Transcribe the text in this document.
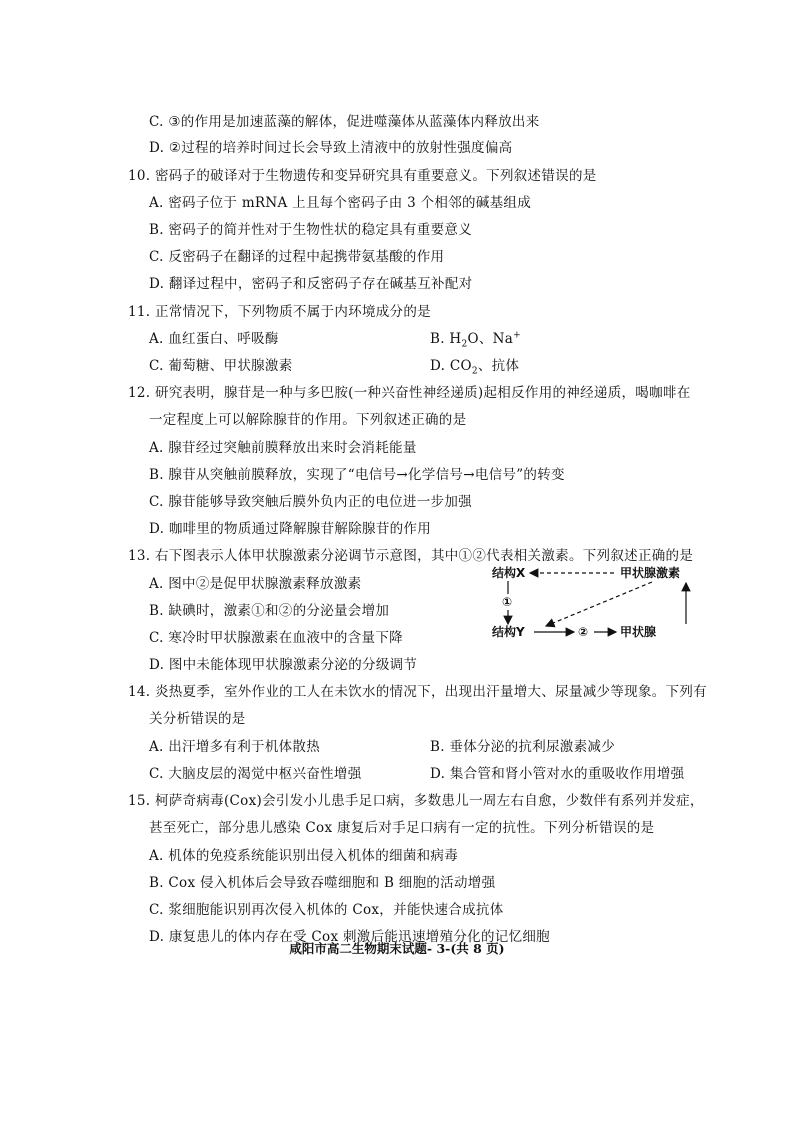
C. ③的作用是加速蓝藻的解体，促进噬藻体从蓝藻体内释放出来
D. ②过程的培养时间过长会导致上清液中的放射性强度偏高
10. 密码子的破译对于生物遗传和变异研究具有重要意义。下列叙述错误的是
A. 密码子位于 mRNA 上且每个密码子由 3 个相邻的碱基组成
B. 密码子的简并性对于生物性状的稳定具有重要意义
C. 反密码子在翻译的过程中起携带氨基酸的作用
D. 翻译过程中，密码子和反密码子存在碱基互补配对
11. 正常情况下，下列物质不属于内环境成分的是
A. 血红蛋白、呼吸酶	B. $H_2O$、Na+
C. 葡萄糖、甲状腺激素	D. $CO_2$、抗体
12. 研究表明，腺苷是一种与多巴胺(一种兴奋性神经递质)起相反作用的神经递质，喝咖啡在
一定程度上可以解除腺苷的作用。下列叙述正确的是
A. 腺苷经过突触前膜释放出来时会消耗能量
B. 腺苷从突触前膜释放，实现了“电信号→化学信号→电信号”的转变
C. 腺苷能够导致突触后膜外负内正的电位进一步加强
D. 咖啡里的物质通过降解腺苷解除腺苷的作用
13. 右下图表示人体甲状腺激素分泌调节示意图，其中①②代表相关激素。下列叙述正确的是
A. 图中②是促甲状腺激素释放激素
B. 缺碘时，激素①和②的分泌量会增加
C. 寒冷时甲状腺激素在血液中的含量下降
D. 图中未能体现甲状腺激素分泌的分级调节
结构X	甲状腺激素
①
结构Y	②	甲状腺
14. 炎热夏季，室外作业的工人在未饮水的情况下，出现出汗量增大、尿量减少等现象。下列有
关分析错误的是
A. 出汗增多有利于机体散热	B. 垂体分泌的抗利尿激素减少
C. 大脑皮层的渴觉中枢兴奋性增强	D. 集合管和肾小管对水的重吸收作用增强
15. 柯萨奇病毒(Cox)会引发小儿患手足口病，多数患儿一周左右自愈，少数伴有系列并发症，
甚至死亡，部分患儿感染 Cox 康复后对手足口病有一定的抗性。下列分析错误的是
A. 机体的免疫系统能识别出侵入机体的细菌和病毒
B. Cox 侵入机体后会导致吞噬细胞和 B 细胞的活动增强
C. 浆细胞能识别再次侵入机体的 Cox，并能快速合成抗体
D. 康复患儿的体内存在受 Cox 刺激后能迅速增殖分化的记忆细胞
咸阳市高二生物期末试题- 3-(共 8 页)
